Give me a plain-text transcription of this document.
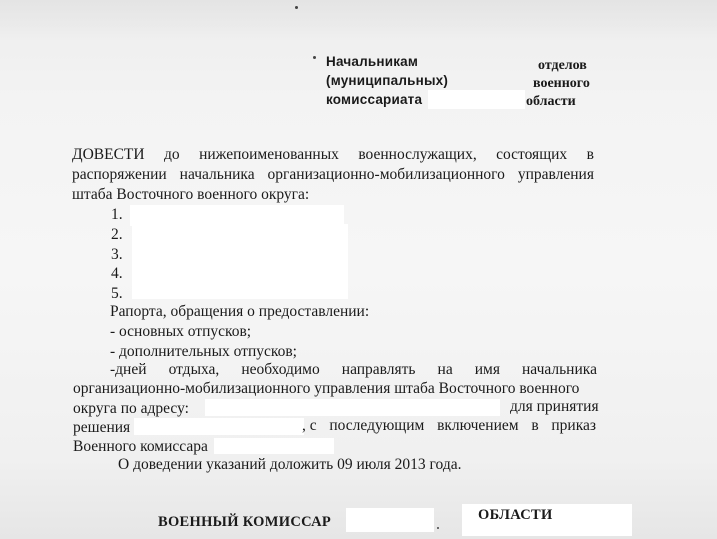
Начальникам
(муниципальных)
комиссариата
отделов
военного
области
ДОВЕСТИ до нижепоименованных военнослужащих, состоящих в
распоряжении начальника организационно-мобилизационного управления
штаба Восточного военного округа:
1.
2.
3.
4.
5.
Рапорта, обращения о предоставлении:
- основных отпусков;
- дополнительных отпусков;
-дней отдыха, необходимо направлять на имя начальника
организационно-мобилизационного управления штаба Восточного военного
округа по адресу:	для принятия
решения	, с последующим включением в приказ
Военного комиссара
О доведении указаний доложить 09 июля 2013 года.
ВОЕННЫЙ КОМИССАР	ОБЛАСТИ
